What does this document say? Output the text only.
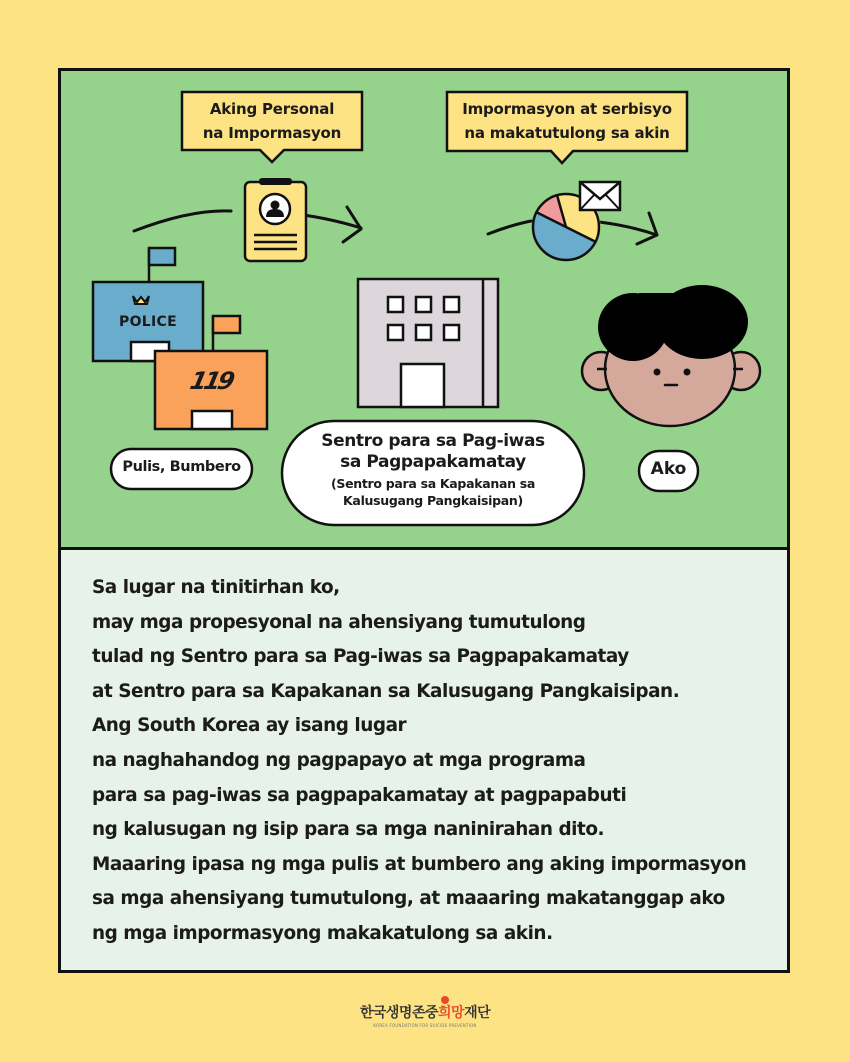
Aking Personal
na Impormasyon
Impormasyon at serbisyo
na makatutulong sa akin
POLICE
119
Pulis, Bumbero
Sentro para sa Pag-iwas
sa Pagpapakamatay
(Sentro para sa Kapakanan sa
Kalusugang Pangkaisipan)
Ako
Sa lugar na tinitirhan ko,
may mga propesyonal na ahensiyang tumutulong
tulad ng Sentro para sa Pag-iwas sa Pagpapakamatay
at Sentro para sa Kapakanan sa Kalusugang Pangkaisipan.
Ang South Korea ay isang lugar
na naghahandog ng pagpapayo at mga programa
para sa pag-iwas sa pagpapakamatay at pagpapabuti
ng kalusugan ng isip para sa mga naninirahan dito.
Maaaring ipasa ng mga pulis at bumbero ang aking impormasyon
sa mga ahensiyang tumutulong, at maaaring makatanggap ako
ng mga impormasyong makakatulong sa akin.
한국생명존중희망재단
KOREA FOUNDATION FOR SUICIDE PREVENTION
